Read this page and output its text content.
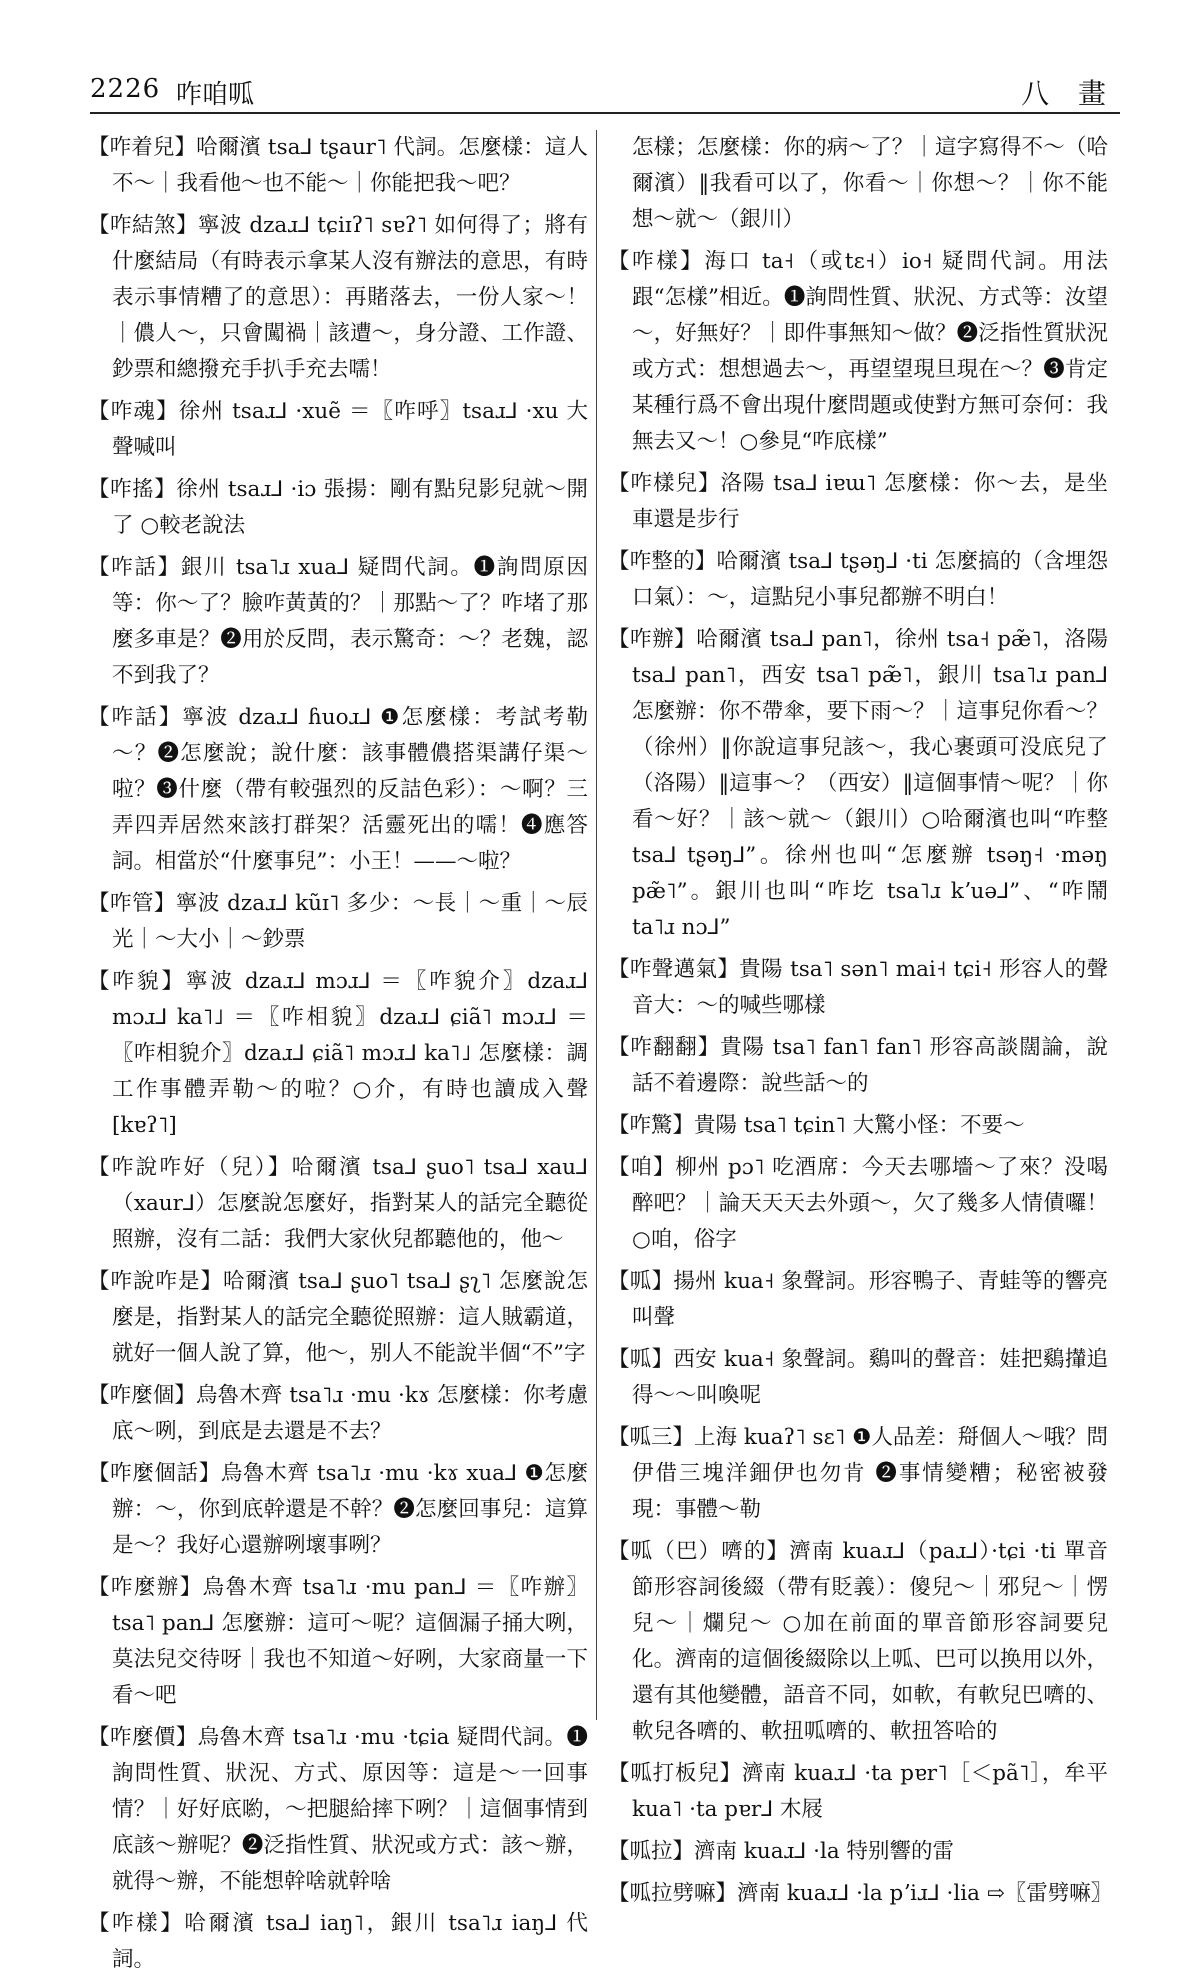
2226 咋咱呱	八 畫

【咋着兒】哈爾濱 tsa⅃ tʂaur˥ 代詞。怎麼樣：這人不～｜我看他～也不能～｜你能把我～吧？

【咋結煞】寧波 dzaɹ⅃ tɕiɪʔ˥ sɐʔ˥ 如何得了；將有什麼結局（有時表示拿某人沒有辦法的意思，有時表示事情糟了的意思）：再賭落去，一份人家～！｜儂人～，只會闖禍｜該遭～，身分證、工作證、鈔票和總撥充手扒手充去嚅！

【咋魂】徐州 tsaɹ⅃ ·xuẽ ＝〖咋呼〗tsaɹ⅃ ·xu 大聲喊叫

【咋搖】徐州 tsaɹ⅃ ·iɔ 張揚：剛有點兒影兒就～開了 ○較老說法

【咋話】銀川 tsa˥ɹ xua⅃ 疑問代詞。❶詢問原因等：你～了？臉咋黃黃的？｜那點～了？咋堵了那麼多車是？❷用於反問，表示驚奇：～？老魏，認不到我了？

【咋話】寧波 dzaɹ⅃ ɦuoɹ⅃ ❶怎麼樣：考試考勒～？❷怎麼說；說什麼：該事體儂搭渠講仔渠～啦？❸什麼（帶有較强烈的反詰色彩）：～啊？三弄四弄居然來該打群架？活靈死出的嚅！❹應答詞。相當於“什麼事兒”：小王！——～啦？

【咋管】寧波 dzaɹ⅃ kũɪ˥ 多少：～長｜～重｜～辰光｜～大小｜～鈔票

【咋貌】寧波 dzaɹ⅃ mɔɹ⅃ ＝〖咋貌介〗dzaɹ⅃ mɔɹ⅃ ka˥˩ ＝〖咋相貌〗dzaɹ⅃ ɕiã˥ mɔɹ⅃ ＝〖咋相貌介〗dzaɹ⅃ ɕiã˥ mɔɹ⅃ ka˥˩ 怎麼樣：調工作事體弄勒～的啦？○介，有時也讀成入聲[kɐʔ˥]

【咋說咋好（兒）】哈爾濱 tsa⅃ ʂuo˥ tsa⅃ xau⅃（xaur⅃）怎麼說怎麼好，指對某人的話完全聽從照辦，沒有二話：我們大家伙兒都聽他的，他～

【咋說咋是】哈爾濱 tsa⅃ ʂuo˥ tsa⅃ ʂʅ˥ 怎麼說怎麼是，指對某人的話完全聽從照辦：這人賊霸道，就好一個人說了算，他～，别人不能說半個“不”字

【咋麼個】烏魯木齊 tsa˥ɹ ·mu ·kɤ 怎麼樣：你考慮底～咧，到底是去還是不去？

【咋麼個話】烏魯木齊 tsa˥ɹ ·mu ·kɤ xua⅃ ❶怎麼辦：～，你到底幹還是不幹？❷怎麼回事兒：這算是～？我好心還辦咧壞事咧？

【咋麼辦】烏魯木齊 tsa˥ɹ ·mu pan⅃ ＝〖咋辦〗tsa˥ pan⅃ 怎麼辦：這可～呢？這個漏子捅大咧，莫法兒交待呀｜我也不知道～好咧，大家商量一下看～吧

【咋麼價】烏魯木齊 tsa˥ɹ ·mu ·tɕia 疑問代詞。❶詢問性質、狀況、方式、原因等：這是～一回事情？｜好好底喲，～把腿給摔下咧？｜這個事情到底該～辦呢？❷泛指性質、狀況或方式：該～辦，就得～辦，不能想幹啥就幹啥

【咋樣】哈爾濱 tsa⅃ iaŋ˥，銀川 tsa˥ɹ iaŋ⅃ 代詞。

怎樣；怎麼樣：你的病～了？｜這字寫得不～（哈爾濱）‖我看可以了，你看～｜你想～？｜你不能想～就～（銀川）

【咋樣】海口 ta˧（或tɛ˧）io˧ 疑問代詞。用法跟“怎樣”相近。❶詢問性質、狀況、方式等：汝望～，好無好？｜即件事無知～做？❷泛指性質狀況或方式：想想過去～，再望望現旦現在～？❸肯定某種行爲不會出現什麼問題或使對方無可奈何：我無去又～！○參見“咋底樣”

【咋樣兒】洛陽 tsa⅃ iɐɯ˥ 怎麼樣：你～去，是坐車還是步行

【咋整的】哈爾濱 tsa⅃ tʂəŋ⅃ ·ti 怎麼搞的（含埋怨口氣）：～，這點兒小事兒都辦不明白！

【咋辦】哈爾濱 tsa⅃ pan˥，徐州 tsa˧ pæ̃˥，洛陽 tsa⅃ pan˥，西安 tsa˥ pæ̃˥，銀川 tsa˥ɹ pan⅃ 怎麼辦：你不帶傘，要下雨～？｜這事兒你看～？（徐州）‖你說這事兒該～，我心裹頭可没底兒了（洛陽）‖這事～？（西安）‖這個事情～呢？｜你看～好？｜該～就～（銀川）○哈爾濱也叫“咋整 tsa⅃ tʂəŋ⅃”。徐州也叫“怎麼辦 tsəŋ˧ ·məŋ pæ̃˥”。銀川也叫“咋圪 tsa˥ɹ kʼuə⅃”、“咋鬧 ta˥ɹ nɔ⅃”

【咋聲邁氣】貴陽 tsa˥ sən˥ mai˧ tɕi˧ 形容人的聲音大：～的喊些哪樣

【咋翻翻】貴陽 tsa˥ fan˥ fan˥ 形容高談闊論，說話不着邊際：說些話～的

【咋驚】貴陽 tsa˥ tɕin˥ 大驚小怪：不要～

【咱】柳州 pɔ˥ 吃酒席：今天去哪墻～了來？没喝醉吧？｜論天天天去外頭～，欠了幾多人情債囉！○咱，俗字

【呱】揚州 kua˧ 象聲詞。形容鴨子、青蛙等的響亮叫聲

【呱】西安 kua˧ 象聲詞。鷄叫的聲音：娃把鷄攆追得～～叫喚呢

【呱三】上海 kuaʔ˥ sɛ˥ ❶人品差：搿個人～哦？問伊借三塊洋鈿伊也勿肯 ❷事情變糟；秘密被發現：事體～勒

【呱（巴）嚌的】濟南 kuaɹ⅃（paɹ⅃）·tɕi ·ti 單音節形容詞後綴（帶有貶義）：傻兒～｜邪兒～｜愣兒～｜爛兒～ ○加在前面的單音節形容詞要兒化。濟南的這個後綴除以上呱、巴可以换用以外，還有其他變體，語音不同，如軟，有軟兒巴嚌的、軟兒各嚌的、軟扭呱嚌的、軟扭答哈的

【呱打板兒】濟南 kuaɹ⅃ ·ta pɐr˥［＜pã˥］，牟平 kua˥ ·ta pɐr⅃ 木屐

【呱拉】濟南 kuaɹ⅃ ·la 特别響的雷

【呱拉劈嘛】濟南 kuaɹ⅃ ·la pʼiɹ⅃ ·lia ⇨〖雷劈嘛〗
